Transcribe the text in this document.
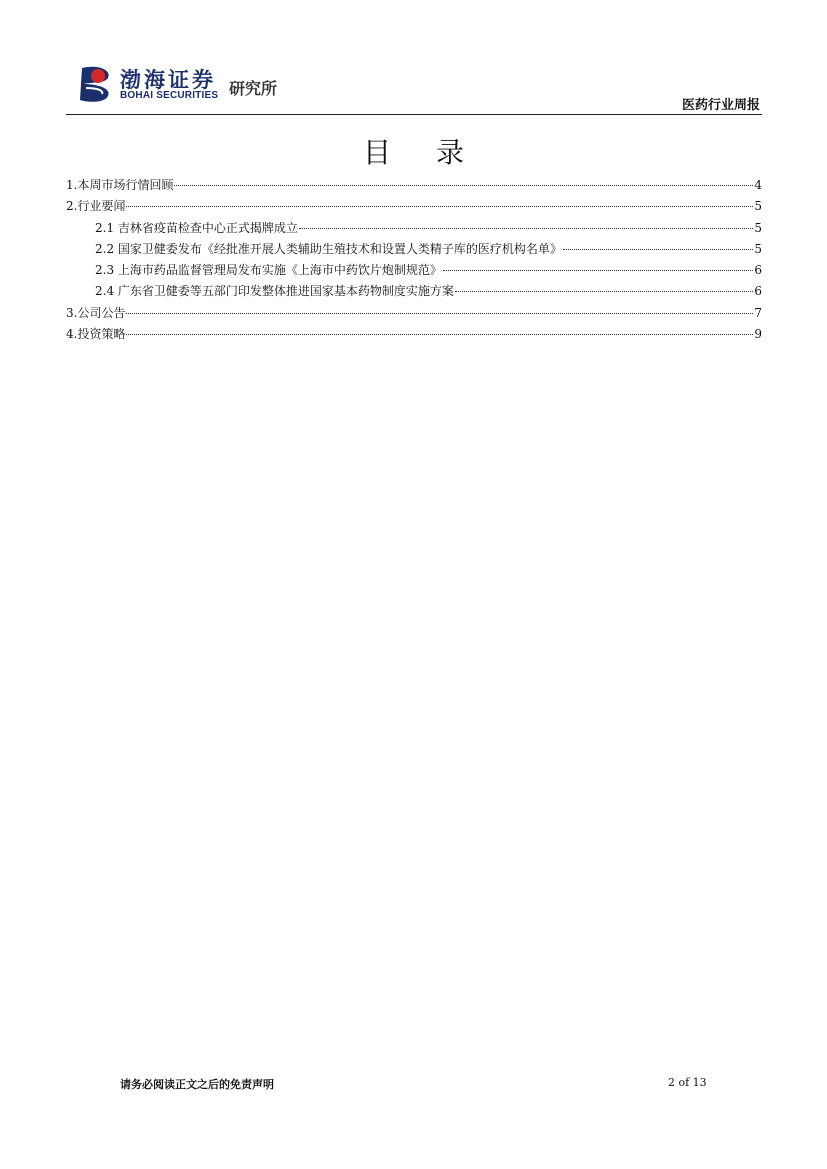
渤海证券
BOHAI SECURITIES 研究所
医药行业周报
目 录
1.本周市场行情回顾	4
2.行业要闻	5
2.1 吉林省疫苗检查中心正式揭牌成立	5
2.2 国家卫健委发布《经批准开展人类辅助生殖技术和设置人类精子库的医疗机构名单》	5
2.3 上海市药品监督管理局发布实施《上海市中药饮片炮制规范》	6
2.4 广东省卫健委等五部门印发整体推进国家基本药物制度实施方案	6
3.公司公告	7
4.投资策略	9
请务必阅读正文之后的免责声明	2 of 13
